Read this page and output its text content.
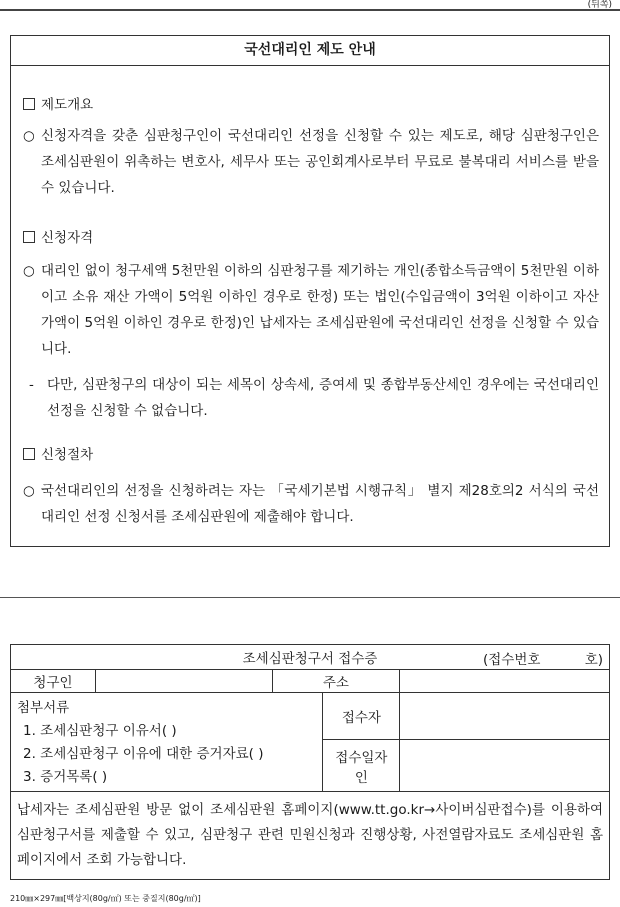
(뒤쪽)
국선대리인 제도 안내
제도개요
○ 신청자격을 갖춘 심판청구인이 국선대리인 선정을 신청할 수 있는 제도로, 해당 심판청구인은 조세심판원이 위촉하는 변호사, 세무사 또는 공인회계사로부터 무료로 불복대리 서비스를 받을 수 있습니다.
신청자격
○ 대리인 없이 청구세액 5천만원 이하의 심판청구를 제기하는 개인(종합소득금액이 5천만원 이하이고 소유 재산 가액이 5억원 이하인 경우로 한정) 또는 법인(수입금액이 3억원 이하이고 자산가액이 5억원 이하인 경우로 한정)인 납세자는 조세심판원에 국선대리인 선정을 신청할 수 있습니다.
- 다만, 심판청구의 대상이 되는 세목이 상속세, 증여세 및 종합부동산세인 경우에는 국선대리인 선정을 신청할 수 없습니다.
신청절차
○ 국선대리인의 선정을 신청하려는 자는 「국세기본법 시행규칙」 별지 제28호의2 서식의 국선대리인 선정 신청서를 조세심판원에 제출해야 합니다.
조세심판청구서 접수증 (접수번호 호)				

청구인		주소		

첨부서류
1. 조세심판청구 이유서( )
2. 조세심판청구 이유에 대한 증거자료( )
3. 증거목록( )			접수자	
			접수일자인	
납세자는 조세심판원 방문 없이 조세심판원 홈페이지(www.tt.go.kr→사이버심판접수)를 이용하여 심판청구서를 제출할 수 있고, 심판청구 관련 민원신청과 진행상황, 사전열람자료도 조세심판원 홈페이지에서 조회 가능합니다.				
210㎜×297㎜[백상지(80g/㎡) 또는 중질지(80g/㎡)]
